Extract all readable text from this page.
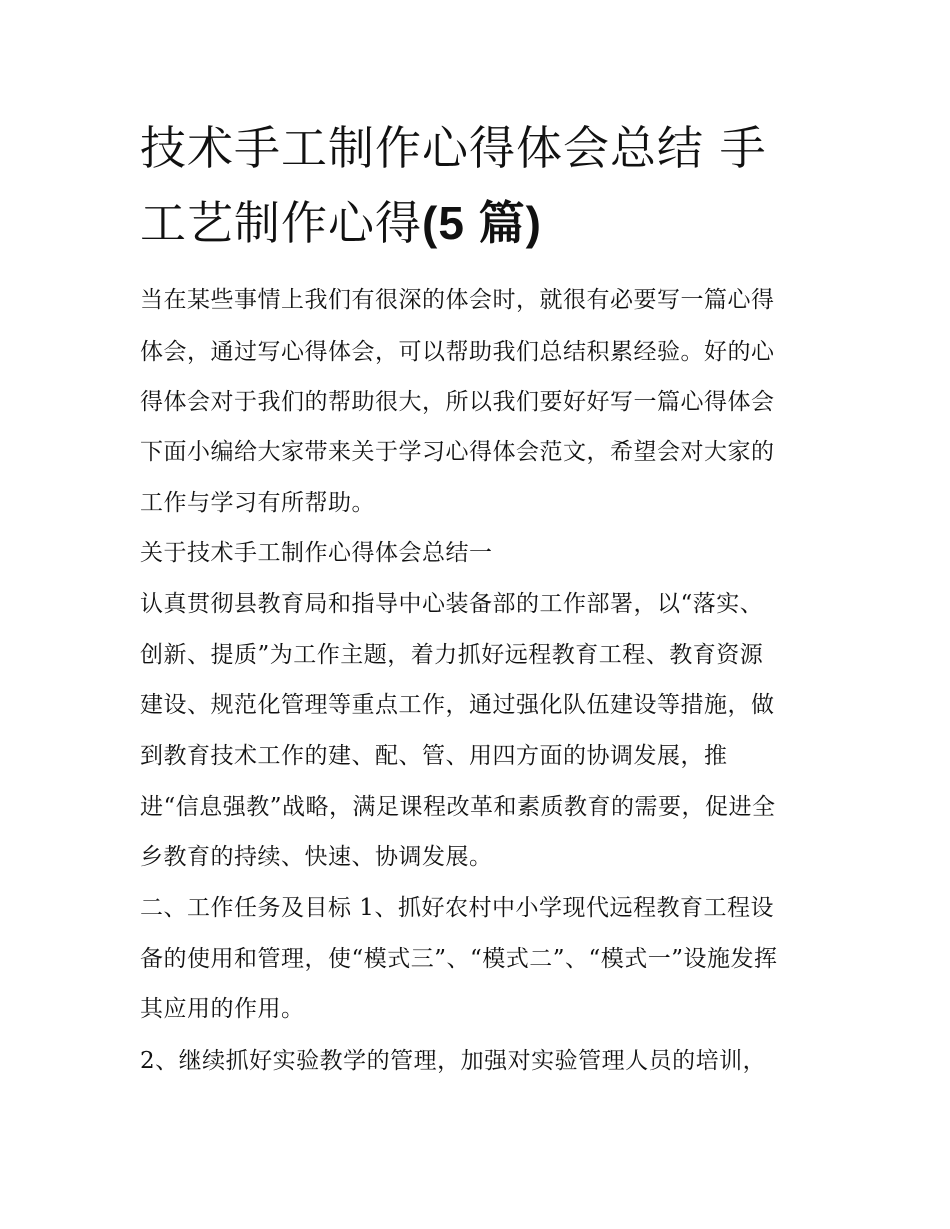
技术手工制作心得体会总结 手
工艺制作心得(5 篇)
当在某些事情上我们有很深的体会时，就很有必要写一篇心得
体会，通过写心得体会，可以帮助我们总结积累经验。好的心
得体会对于我们的帮助很大，所以我们要好好写一篇心得体会
下面小编给大家带来关于学习心得体会范文，希望会对大家的
工作与学习有所帮助。
关于技术手工制作心得体会总结一
认真贯彻县教育局和指导中心装备部的工作部署，以“落实、
创新、提质”为工作主题，着力抓好远程教育工程、教育资源
建设、规范化管理等重点工作，通过强化队伍建设等措施，做
到教育技术工作的建、配、管、用四方面的协调发展，推
进“信息强教”战略，满足课程改革和素质教育的需要，促进全
乡教育的持续、快速、协调发展。
二、工作任务及目标 1、抓好农村中小学现代远程教育工程设
备的使用和管理，使“模式三”、“模式二”、“模式一”设施发挥
其应用的作用。
2、继续抓好实验教学的管理，加强对实验管理人员的培训，
